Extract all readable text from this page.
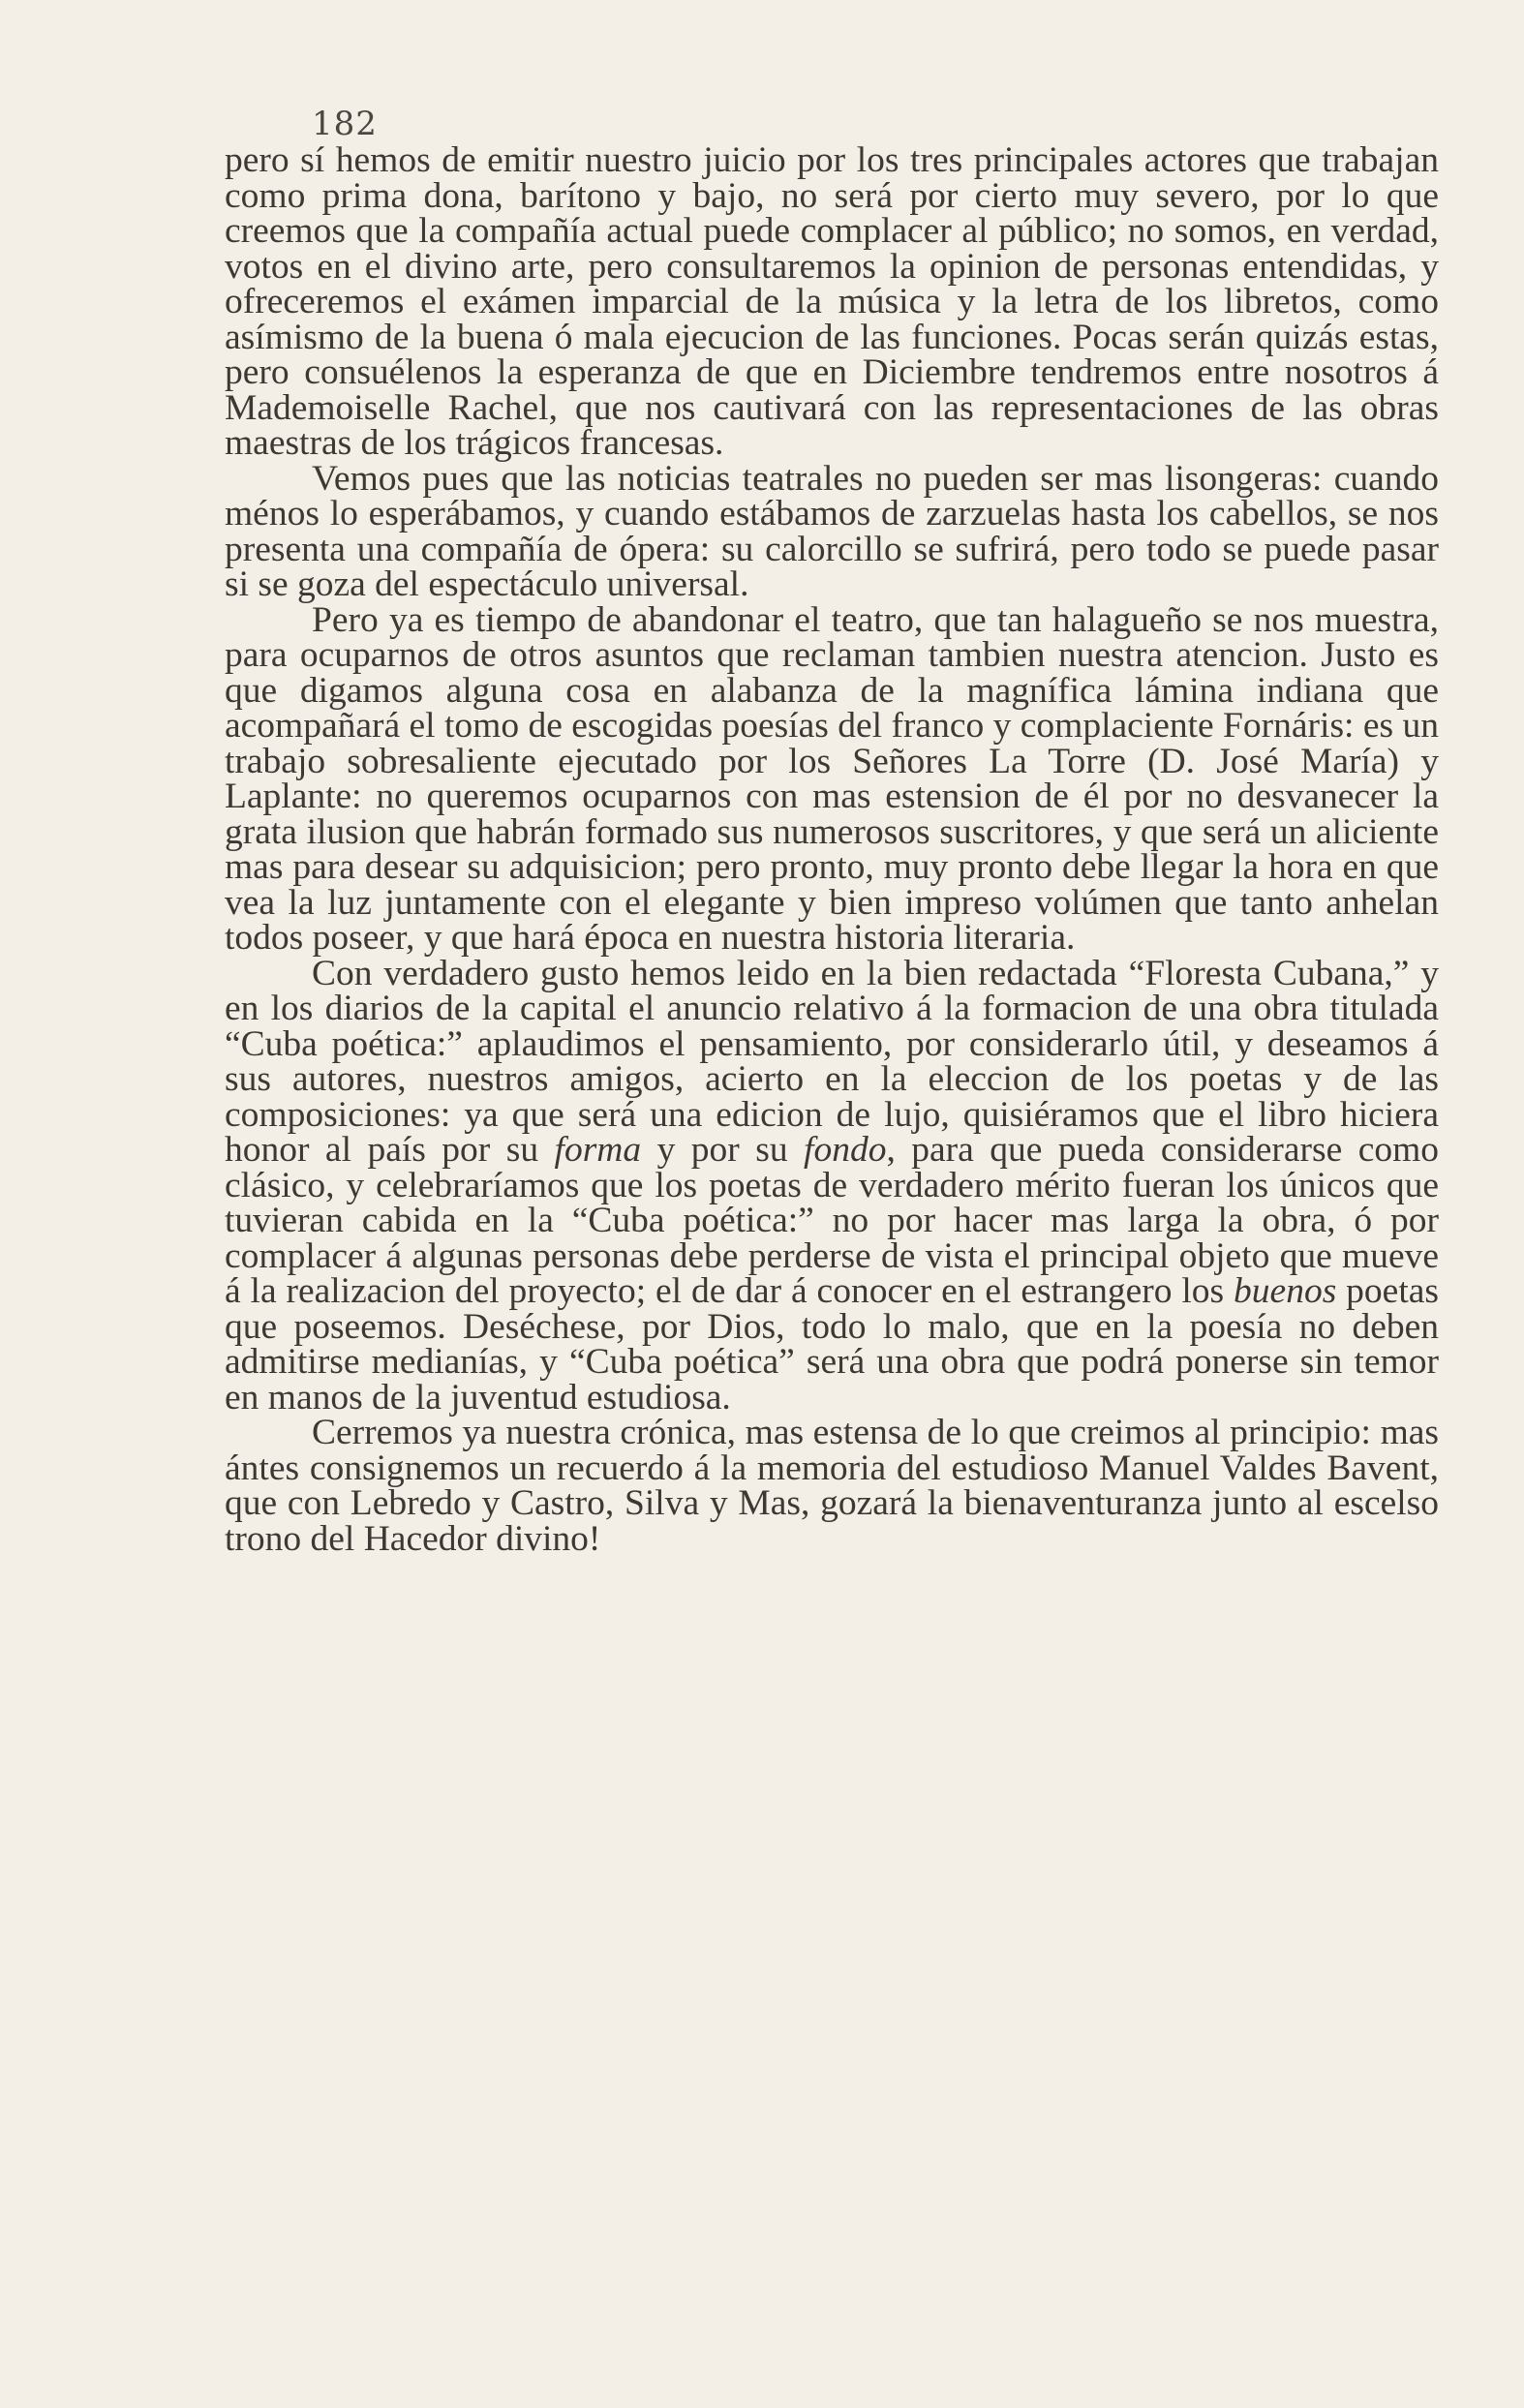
182

pero sí hemos de emitir nuestro juicio por los tres principales actores que trabajan como prima dona, barítono y bajo, no será por cierto muy severo, por lo que creemos que la compañía actual puede complacer al público; no somos, en verdad, votos en el divino arte, pero consultaremos la opinion de personas entendidas, y ofreceremos el exámen imparcial de la música y la letra de los libretos, como asímismo de la buena ó mala ejecucion de las funciones. Pocas serán quizás estas, pero consuélenos la esperanza de que en Diciembre tendremos entre nosotros á Mademoiselle Rachel, que nos cautivará con las representaciones de las obras maestras de los trágicos francesas.

Vemos pues que las noticias teatrales no pueden ser mas lisongeras: cuando ménos lo esperábamos, y cuando estábamos de zarzuelas hasta los cabellos, se nos presenta una compañía de ópera: su calorcillo se sufrirá, pero todo se puede pasar si se goza del espectáculo universal.

Pero ya es tiempo de abandonar el teatro, que tan halagueño se nos muestra, para ocuparnos de otros asuntos que reclaman tambien nuestra atencion. Justo es que digamos alguna cosa en alabanza de la magnífica lámina indiana que acompañará el tomo de escogidas poesías del franco y complaciente Fornáris: es un trabajo sobresaliente ejecutado por los Señores La Torre (D. José María) y Laplante: no queremos ocuparnos con mas estension de él por no desvanecer la grata ilusion que habrán formado sus numerosos suscritores, y que será un aliciente mas para desear su adquisicion; pero pronto, muy pronto debe llegar la hora en que vea la luz juntamente con el elegante y bien impreso volúmen que tanto anhelan todos poseer, y que hará época en nuestra historia literaria.

Con verdadero gusto hemos leido en la bien redactada “Floresta Cubana,” y en los diarios de la capital el anuncio relativo á la formacion de una obra titulada “Cuba poética:” aplaudimos el pensamiento, por considerarlo útil, y deseamos á sus autores, nuestros amigos, acierto en la eleccion de los poetas y de las composiciones: ya que será una edicion de lujo, quisiéramos que el libro hiciera honor al país por su forma y por su fondo, para que pueda considerarse como clásico, y celebraríamos que los poetas de verdadero mérito fueran los únicos que tuvieran cabida en la “Cuba poética:” no por hacer mas larga la obra, ó por complacer á algunas personas debe perderse de vista el principal objeto que mueve á la realizacion del proyecto; el de dar á conocer en el estrangero los buenos poetas que poseemos. Deséchese, por Dios, todo lo malo, que en la poesía no deben admitirse medianías, y “Cuba poética” será una obra que podrá ponerse sin temor en manos de la juventud estudiosa.

Cerremos ya nuestra crónica, mas estensa de lo que creimos al principio: mas ántes consignemos un recuerdo á la memoria del estudioso Manuel Valdes Bavent, que con Lebredo y Castro, Silva y Mas, gozará la bienaventuranza junto al escelso trono del Hacedor divino!
